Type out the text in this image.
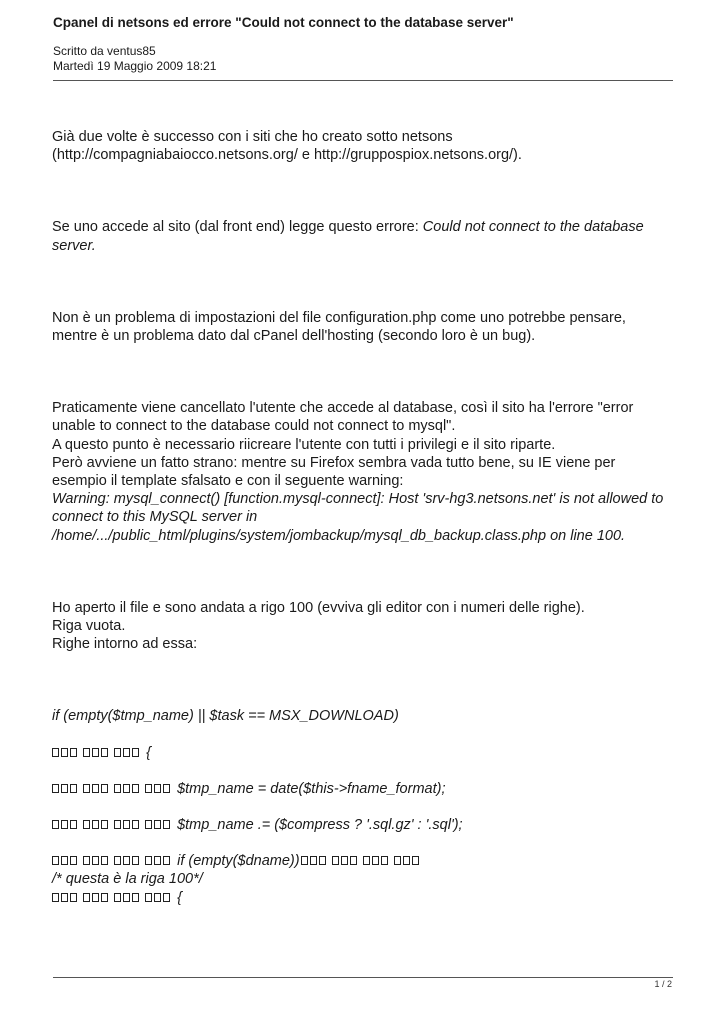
Cpanel di netsons ed errore "Could not connect to the database server"
Scritto da ventus85
Martedì 19 Maggio 2009 18:21

Già due volte è successo con i siti che ho creato sotto netsons

(http://compagniabaiocco.netsons.org/ e http://gruppospiox.netsons.org/).

Se uno accede al sito (dal front end) legge questo errore: Could not connect to the database server.

Non è un problema di impostazioni del file configuration.php come uno potrebbe pensare,

mentre è un problema dato dal cPanel dell'hosting (secondo loro è un bug).

Praticamente viene cancellato l'utente che accede al database, così il sito ha l'errore "error

unable to connect to the database could not connect to mysql".

A questo punto è necessario riicreare l'utente con tutti i privilegi e il sito riparte.

Però avviene un fatto strano: mentre su Firefox sembra vada tutto bene, su IE viene per

esempio il template sfalsato e con il seguente warning:

Warning: mysql_connect() [function.mysql-connect]: Host 'srv-hg3.netsons.net' is not allowed to

connect to this MySQL server in

/home/.../public_html/plugins/system/jombackup/mysql_db_backup.class.php on line 100.

Ho aperto il file e sono andata a rigo 100 (evviva gli editor con i numeri delle righe).

Riga vuota.

Righe intorno ad essa:

if (empty($tmp_name) || $task == MSX_DOWNLOAD)

{

$tmp_name = date($this->fname_format);

$tmp_name .= ($compress ? '.sql.gz' : '.sql');

if (empty($dname))

/* questa è la riga 100*/

{

1 / 2
